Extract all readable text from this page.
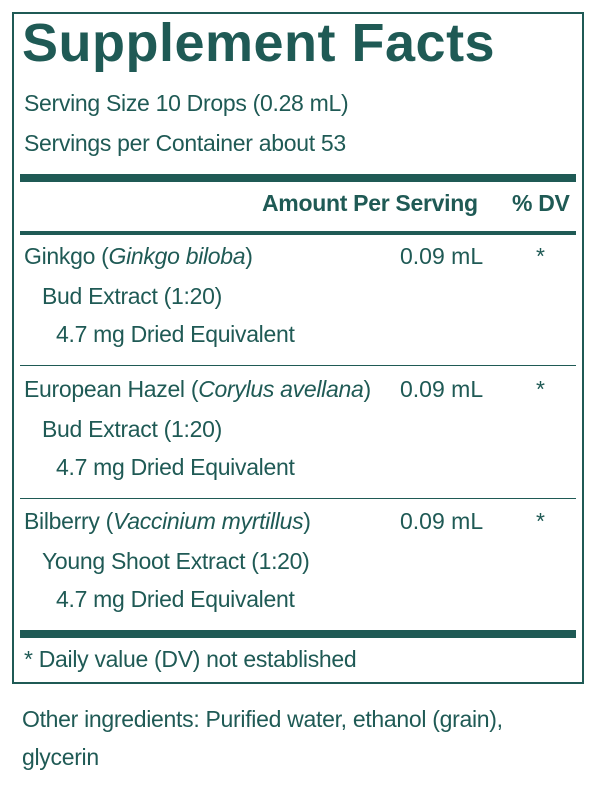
Supplement Facts
Serving Size 10 Drops (0.28 mL)
Servings per Container about 53
Amount Per Serving % DV
Ginkgo (Ginkgo biloba)
Bud Extract (1:20)
4.7 mg Dried Equivalent
0.09 mL *
European Hazel (Corylus avellana)
Bud Extract (1:20)
4.7 mg Dried Equivalent
0.09 mL *
Bilberry (Vaccinium myrtillus)
Young Shoot Extract (1:20)
4.7 mg Dried Equivalent
0.09 mL *
* Daily value (DV) not established
Other ingredients: Purified water, ethanol (grain), glycerin
